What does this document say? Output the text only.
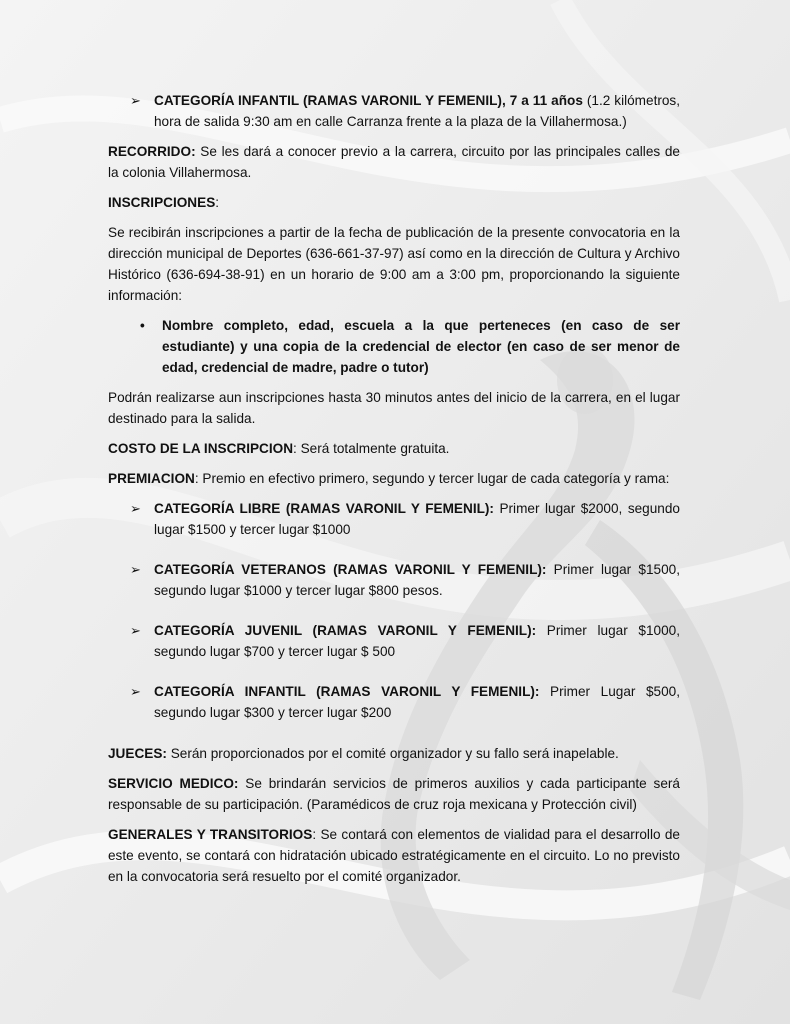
➢ CATEGORÍA INFANTIL (RAMAS VARONIL Y FEMENIL), 7 a 11 años (1.2 kilómetros, hora de salida 9:30 am en calle Carranza frente a la plaza de la Villahermosa.)

RECORRIDO: Se les dará a conocer previo a la carrera, circuito por las principales calles de la colonia Villahermosa.

INSCRIPCIONES:

Se recibirán inscripciones a partir de la fecha de publicación de la presente convocatoria en la dirección municipal de Deportes (636-661-37-97) así como en la dirección de Cultura y Archivo Histórico (636-694-38-91) en un horario de 9:00 am a 3:00 pm, proporcionando la siguiente información:

• Nombre completo, edad, escuela a la que perteneces (en caso de ser estudiante) y una copia de la credencial de elector (en caso de ser menor de edad, credencial de madre, padre o tutor)

Podrán realizarse aun inscripciones hasta 30 minutos antes del inicio de la carrera, en el lugar destinado para la salida.

COSTO DE LA INSCRIPCION: Será totalmente gratuita.

PREMIACION: Premio en efectivo primero, segundo y tercer lugar de cada categoría y rama:

➢ CATEGORÍA LIBRE (RAMAS VARONIL Y FEMENIL): Primer lugar $2000, segundo lugar $1500 y tercer lugar $1000
➢ CATEGORÍA VETERANOS (RAMAS VARONIL Y FEMENIL): Primer lugar $1500, segundo lugar $1000 y tercer lugar $800 pesos.
➢ CATEGORÍA JUVENIL (RAMAS VARONIL Y FEMENIL): Primer lugar $1000, segundo lugar $700 y tercer lugar $ 500
➢ CATEGORÍA INFANTIL (RAMAS VARONIL Y FEMENIL): Primer Lugar $500, segundo lugar $300 y tercer lugar $200

JUECES: Serán proporcionados por el comité organizador y su fallo será inapelable.

SERVICIO MEDICO: Se brindarán servicios de primeros auxilios y cada participante será responsable de su participación. (Paramédicos de cruz roja mexicana y Protección civil)

GENERALES Y TRANSITORIOS: Se contará con elementos de vialidad para el desarrollo de este evento, se contará con hidratación ubicado estratégicamente en el circuito. Lo no previsto en la convocatoria será resuelto por el comité organizador.
